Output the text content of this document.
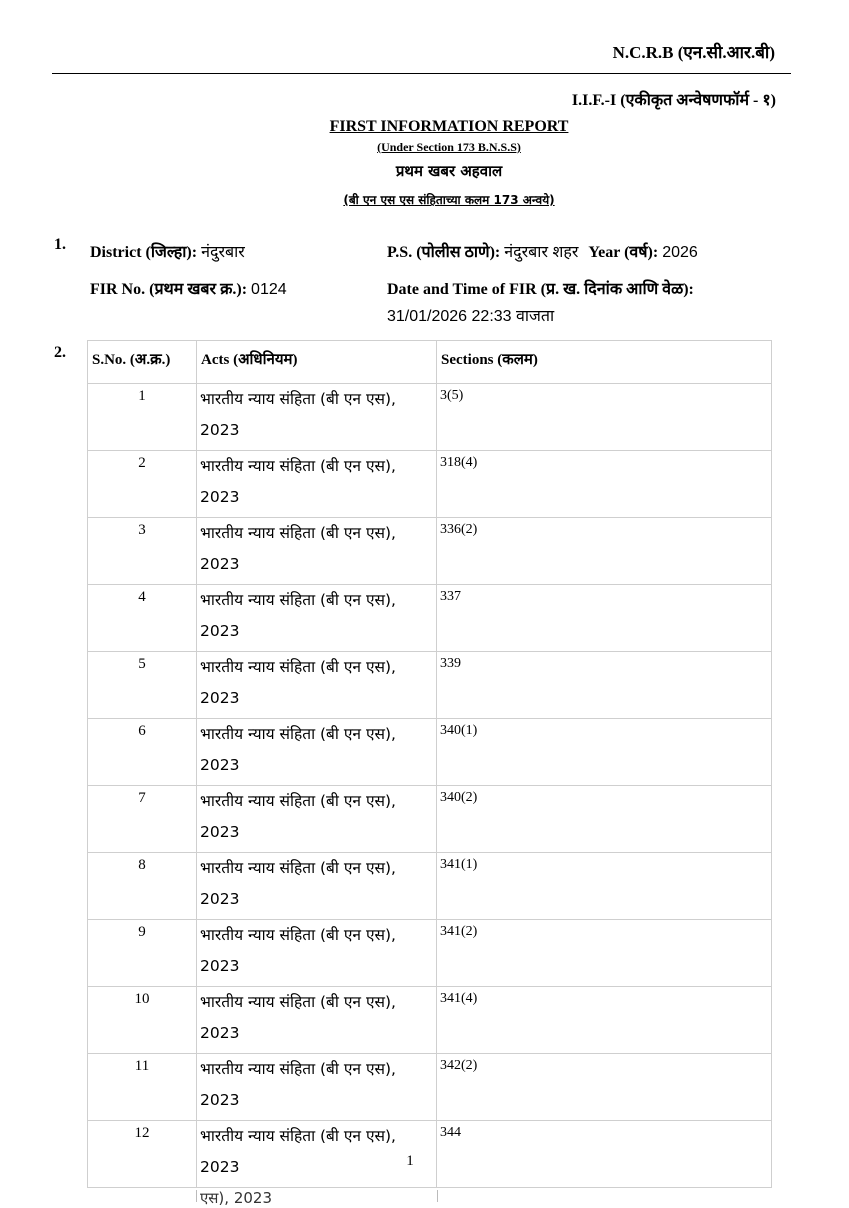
N.C.R.B (एन.सी.आर.बी)
I.I.F.-I (एकीकृत अन्वेषणफॉर्म - १)
FIRST INFORMATION REPORT
(Under Section 173 B.N.S.S)
प्रथम खबर अहवाल
(बी एन एस एस संहिताच्या कलम 173 अन्वये)
1. District (जिल्हा): नंदुरबार	P.S. (पोलीस ठाणे): नंदुरबार शहर Year (वर्ष): 2026
FIR No. (प्रथम खबर क्र.): 0124	Date and Time of FIR (प्र. ख. दिनांक आणि वेळ):
31/01/2026 22:33 वाजता
2. S.No. (अ.क्र.)	Acts (अधिनियम)	Sections (कलम)
1	भारतीय न्याय संहिता (बी एन एस), 2023	3(5)
2	भारतीय न्याय संहिता (बी एन एस), 2023	318(4)
3	भारतीय न्याय संहिता (बी एन एस), 2023	336(2)
4	भारतीय न्याय संहिता (बी एन एस), 2023	337
5	भारतीय न्याय संहिता (बी एन एस), 2023	339
6	भारतीय न्याय संहिता (बी एन एस), 2023	340(1)
7	भारतीय न्याय संहिता (बी एन एस), 2023	340(2)
8	भारतीय न्याय संहिता (बी एन एस), 2023	341(1)
9	भारतीय न्याय संहिता (बी एन एस), 2023	341(2)
10	भारतीय न्याय संहिता (बी एन एस), 2023	341(4)
11	भारतीय न्याय संहिता (बी एन एस), 2023	342(2)
12	भारतीय न्याय संहिता (बी एन एस), 2023	344
1
एस), 2023
